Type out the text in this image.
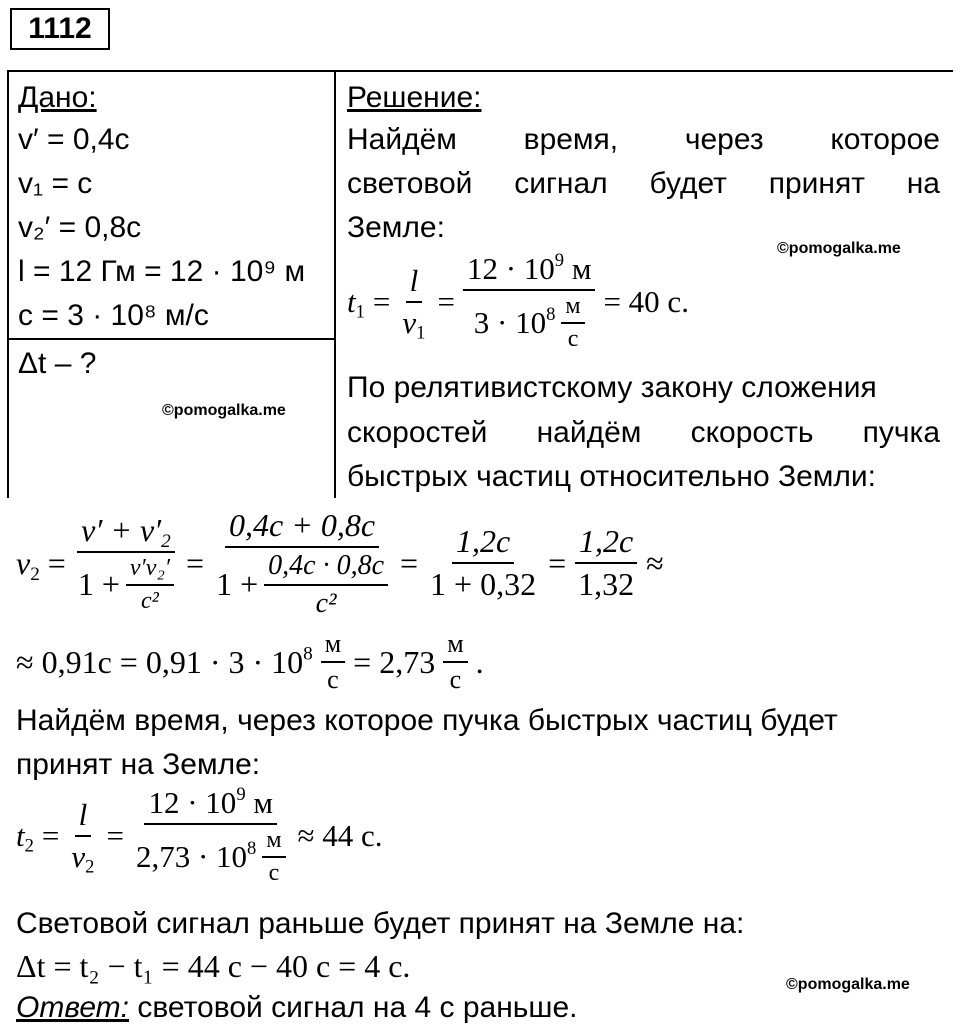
1112
Дано:
v′ = 0,4c
v₁ = c
v₂′ = 0,8c
l = 12 Гм = 12 · 10⁹ м
c = 3 · 10⁸ м/с
Δt – ?
©pomogalka.me
Решение:
Найдём время, через которое
световой сигнал будет принят на
Земле:
©pomogalka.me
$t_1 = \frac{l}{v_1} = \frac{12 \cdot 10^9 м}{3 \cdot 10^8 \frac{м}{с}} = 40$ с.
По релятивистскому закону сложения
скоростей найдём скорость пучка
быстрых частиц относительно Земли:
$v_2 = \frac{v' + v'_2}{1 + \frac{\text{v′v₂′}}{\text{c²}}} = \frac{0,4c + 0,8c}{1 + \frac{0,4c \cdot 0,8c}{\text{c²}}} = \frac{1,2c}{1 + 0,32} = \frac{1,2c}{1,32}$ ≈
≈ $0,91c = 0,91 \cdot 3 \cdot 10^8 \frac{м}{с} = 2,73 \frac{м}{с}$ .
Найдём время, через которое пучка быстрых частиц будет
принят на Земле:
$t_2 = \frac{l}{v_2} = \frac{12 \cdot 10^9 м}{2,73 \cdot 10^8 \frac{м}{с}} \approx 44$ с.
Световой сигнал раньше будет принят на Земле на:
Δt = t₂ − t₁ = 44 с − 40 с = 4 с.
©pomogalka.me
Ответ: световой сигнал на 4 с раньше.
